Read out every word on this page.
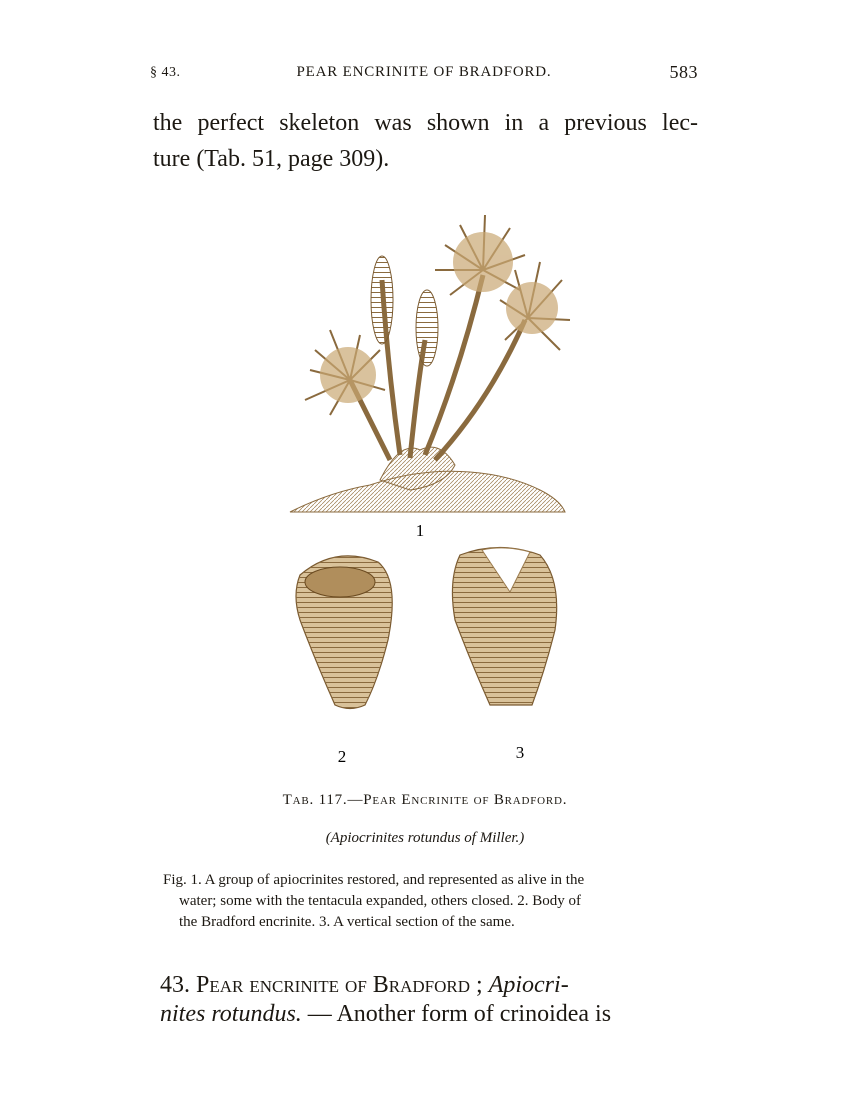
§ 43.	PEAR ENCRINITE OF BRADFORD.	583
the perfect skeleton was shown in a previous lec-
ture (Tab. 51, page 309).
1
2	3
Tab. 117.—Pear Encrinite of Bradford.
(Apiocrinites rotundus of Miller.)
Fig. 1. A group of apiocrinites restored, and represented as alive in the
water; some with the tentacula expanded, others closed. 2. Body of
the Bradford encrinite. 3. A vertical section of the same.
43. Pear encrinite of Bradford ; Apiocri-
nites rotundus. — Another form of crinoidea is
